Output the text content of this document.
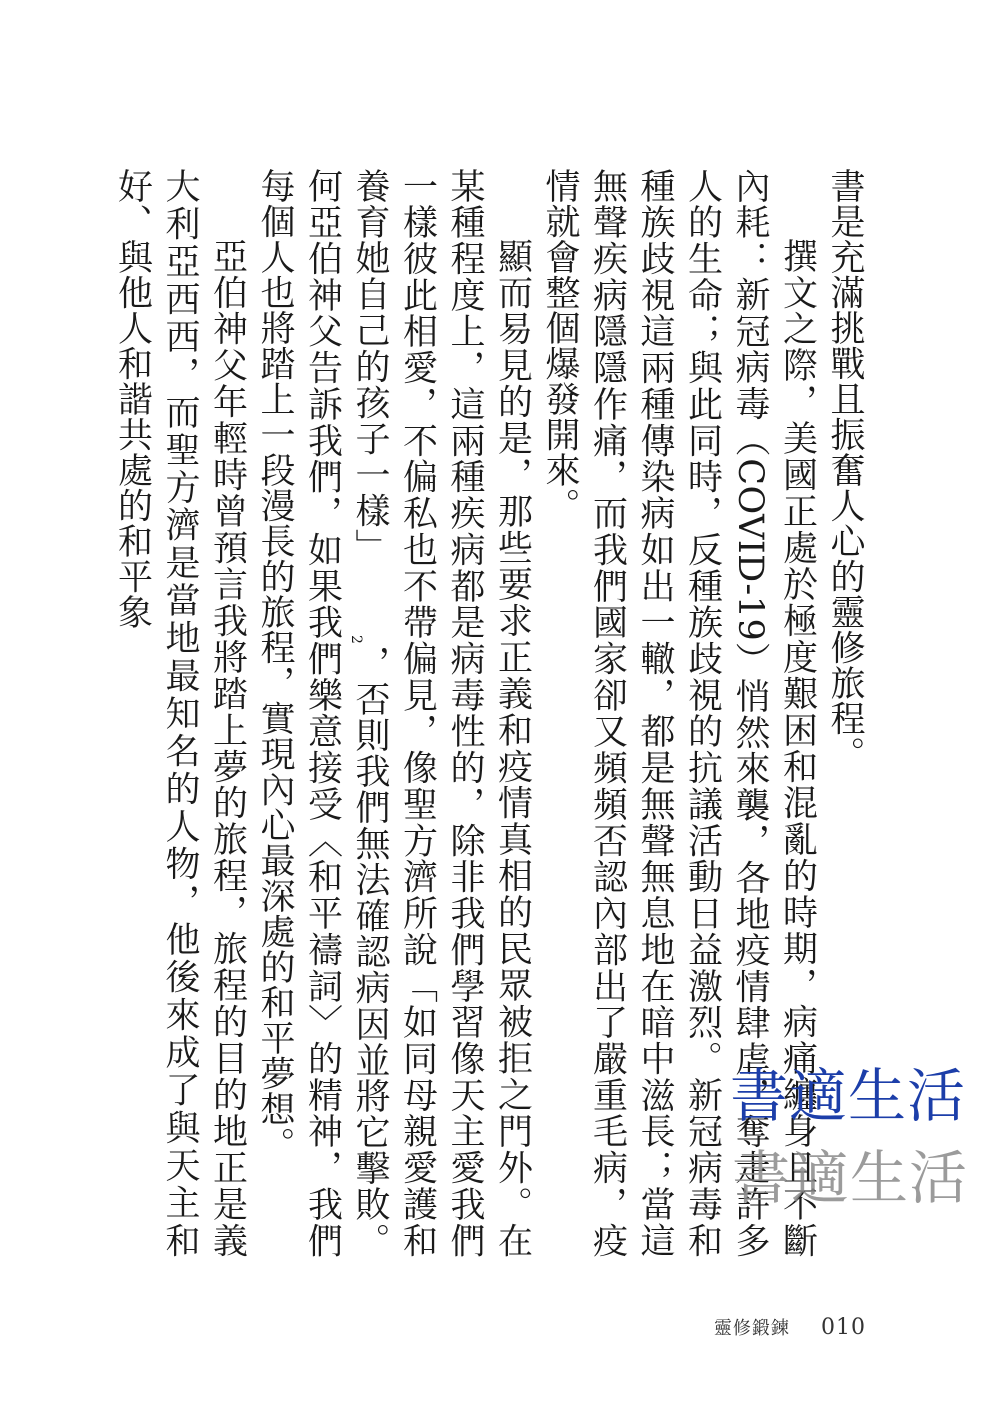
書是充滿挑戰且振奮人心的靈修旅程。

撰文之際，美國正處於極度艱困和混亂的時期，病痛纏身且不斷內耗：新冠病毒（COVID-19）悄然來襲，各地疫情肆虐，奪走許多人的生命；與此同時，反種族歧視的抗議活動日益激烈。新冠病毒和種族歧視這兩種傳染病如出一轍，都是無聲無息地在暗中滋長；當這無聲疾病隱隱作痛，而我們國家卻又頻頻否認內部出了嚴重毛病，疫情就會整個爆發開來。

顯而易見的是，那些要求正義和疫情真相的民眾被拒之門外。在某種程度上，這兩種疾病都是病毒性的，除非我們學習像天主愛我們一樣彼此相愛，不偏私也不帶偏見，像聖方濟所說「如同母親愛護和養育她自己的孩子一樣」2，否則我們無法確認病因並將它擊敗。何亞伯神父告訴我們，如果我們樂意接受〈和平禱詞〉的精神，我們每個人也將踏上一段漫長的旅程，實現內心最深處的和平夢想。

亞伯神父年輕時曾預言我將踏上夢的旅程，旅程的目的地正是義大利亞西西，而聖方濟是當地最知名的人物，他後來成了與天主和好、與他人和諧共處的和平象

書適生活
書適生活
靈修鍛鍊 010
